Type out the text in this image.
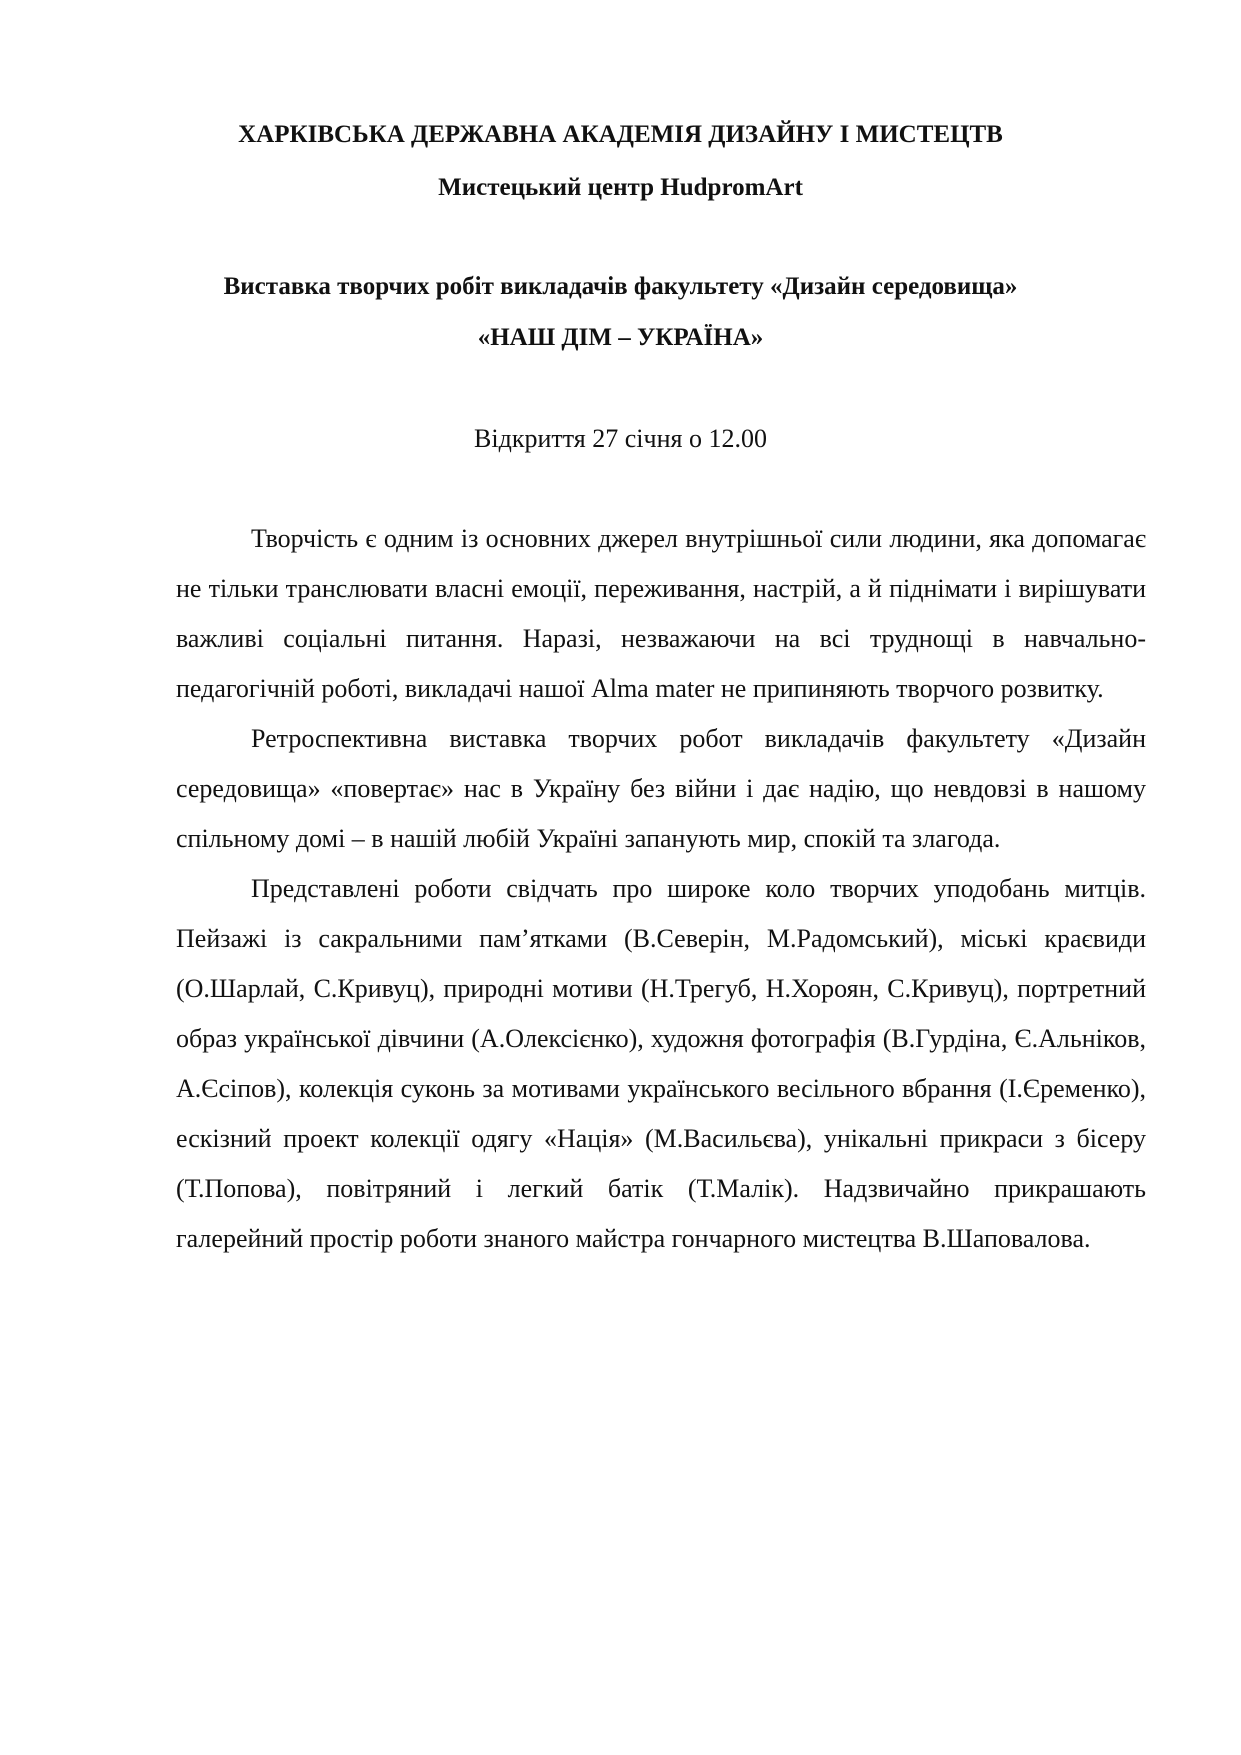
ХАРКІВСЬКА ДЕРЖАВНА АКАДЕМІЯ ДИЗАЙНУ І МИСТЕЦТВ
Мистецький центр HudpromArt
Виставка творчих робіт викладачів факультету «Дизайн середовища»
«НАШ ДІМ – УКРАЇНА»
Відкриття 27 січня о 12.00

Творчість є одним із основних джерел внутрішньої сили людини, яка допомагає не тільки транслювати власні емоції, переживання, настрій, а й піднімати і вирішувати важливі соціальні питання. Наразі, незважаючи на всі труднощі в навчально-педагогічній роботі, викладачі нашої Alma mater не припиняють творчого розвитку.

Ретроспективна виставка творчих робот викладачів факультету «Дизайн середовища» «повертає» нас в Україну без війни і дає надію, що невдовзі в нашому спільному домі – в нашій любій Україні запанують мир, спокій та злагода.

Представлені роботи свідчать про широке коло творчих уподобань митців. Пейзажі із сакральними пам’ятками (В.Северін, М.Радомський), міські краєвиди (О.Шарлай, С.Кривуц), природні мотиви (Н.Трегуб, Н.Хороян, С.Кривуц), портретний образ української дівчини (А.Олексієнко), художня фотографія (В.Гурдіна, Є.Альніков, А.Єсіпов), колекція суконь за мотивами українського весільного вбрання (І.Єременко), ескізний проект колекції одягу «Нація» (М.Васильєва), унікальні прикраси з бісеру (Т.Попова), повітряний і легкий батік (Т.Малік). Надзвичайно прикрашають галерейний простір роботи знаного майстра гончарного мистецтва В.Шаповалова.
